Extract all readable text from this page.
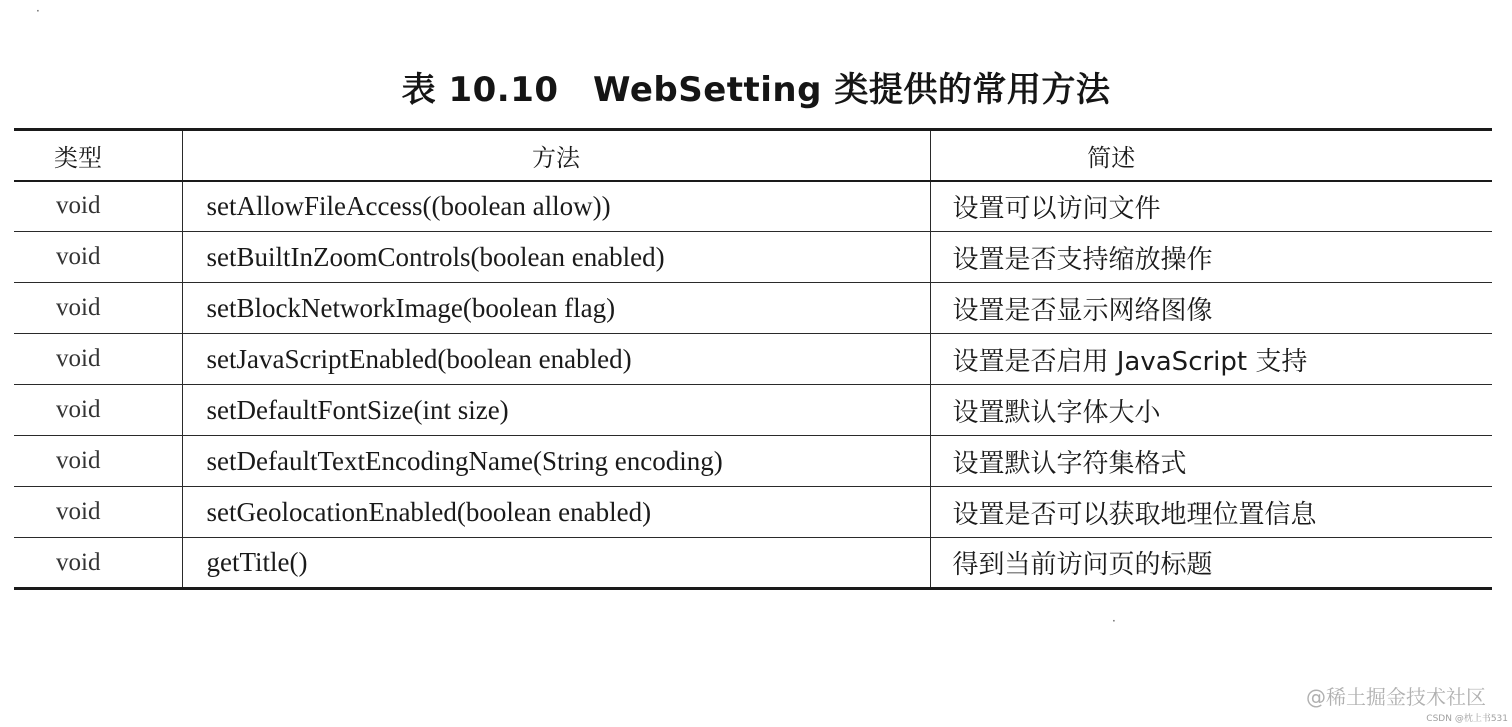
·
·
表 10.10　WebSetting 类提供的常用方法
类型	方法	简述
void	setAllowFileAccess((boolean allow))	设置可以访问文件
void	setBuiltInZoomControls(boolean enabled)	设置是否支持缩放操作
void	setBlockNetworkImage(boolean flag)	设置是否显示网络图像
void	setJavaScriptEnabled(boolean enabled)	设置是否启用 JavaScript 支持
void	setDefaultFontSize(int size)	设置默认字体大小
void	setDefaultTextEncodingName(String encoding)	设置默认字符集格式
void	setGeolocationEnabled(boolean enabled)	设置是否可以获取地理位置信息
void	getTitle()	得到当前访问页的标题
@稀土掘金技术社区
CSDN @枕上书531
